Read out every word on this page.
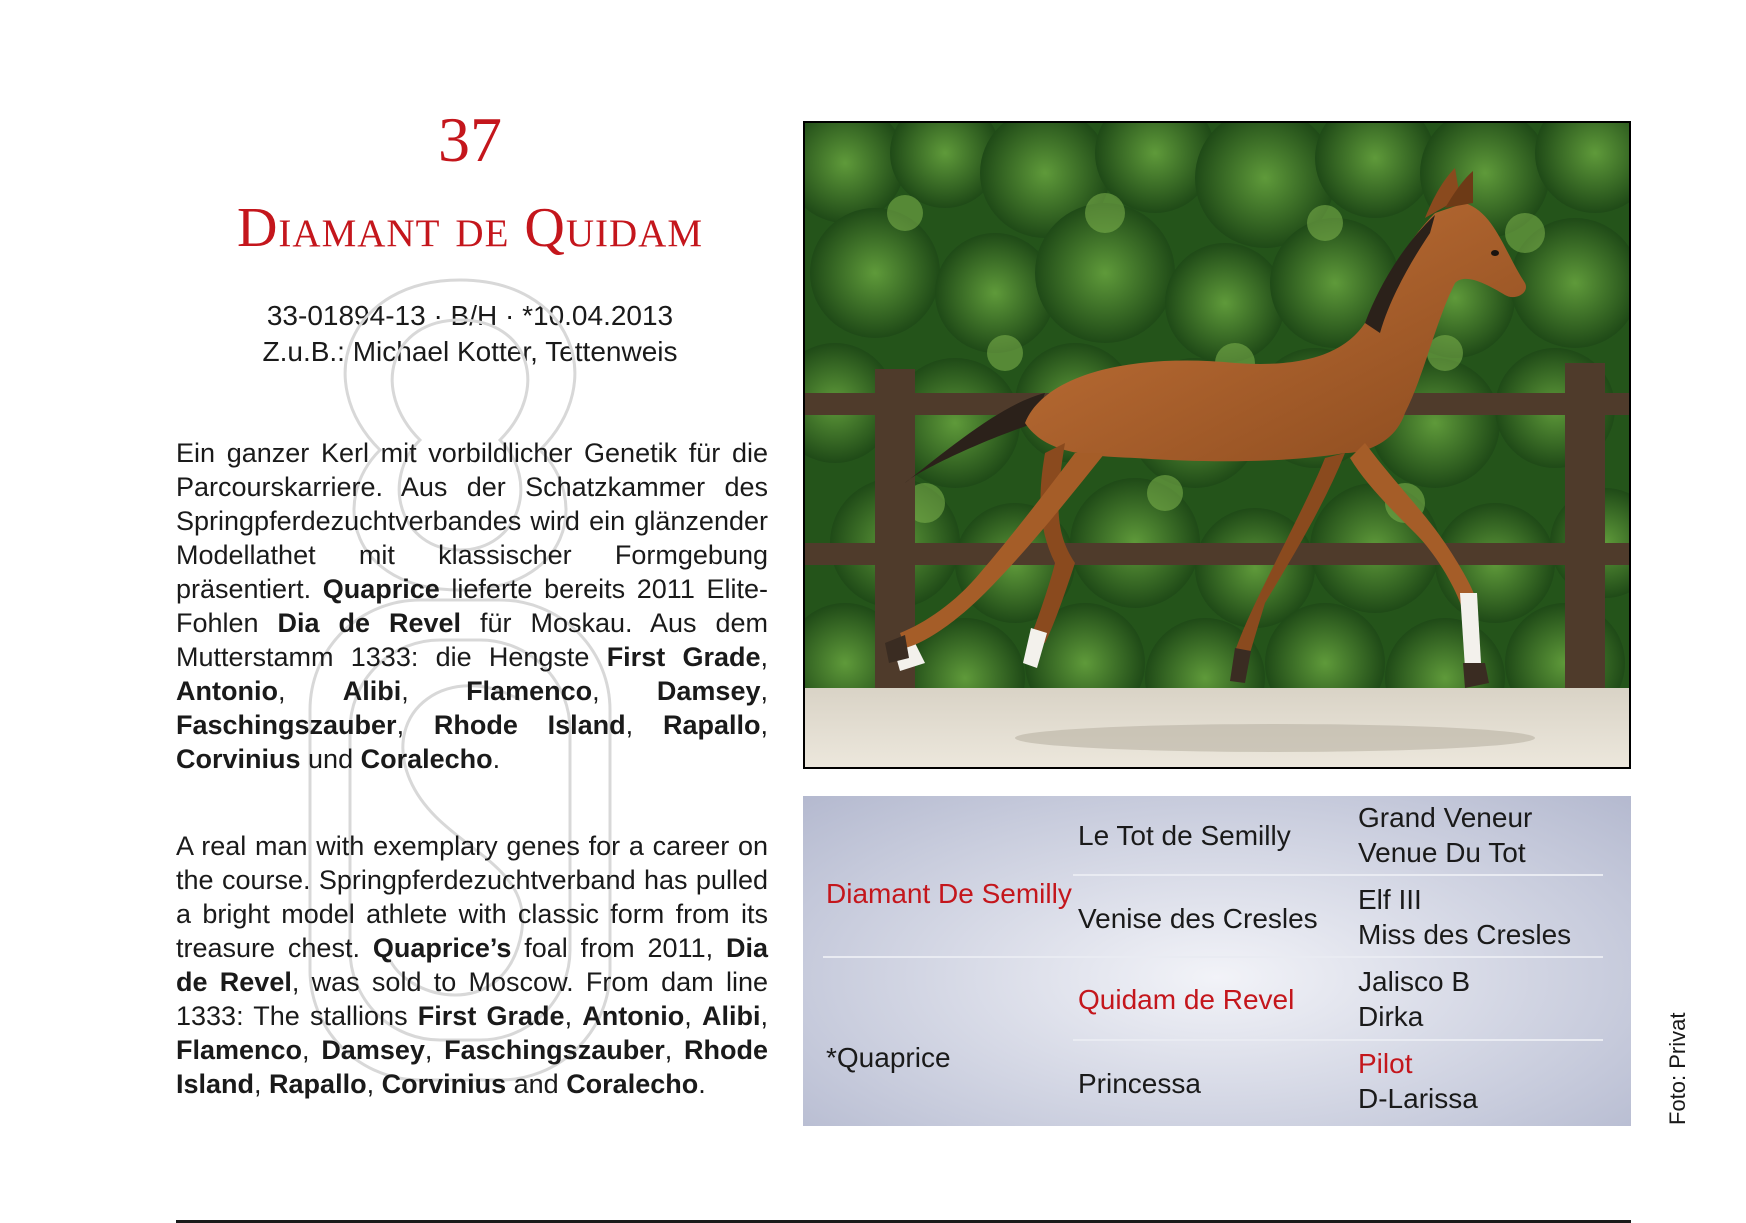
37
Diamant de Quidam
33-01894-13 · B/H · *10.04.2013
Z.u.B.: Michael Kotter, Tettenweis

Ein ganzer Kerl mit vorbildlicher Genetik für die Parcourskarriere. Aus der Schatzkammer des Springpferdezuchtverbandes wird ein glänzender Modellathet mit klassischer Formgebung präsentiert. Quaprice lieferte bereits 2011 Elite-Fohlen Dia de Revel für Moskau. Aus dem Mutterstamm 1333: die Hengste First Grade, Antonio, Alibi, Flamenco, Damsey, Faschingszauber, Rhode Island, Rapallo, Corvinius und Coralecho.

A real man with exemplary genes for a career on the course. Springpferdezuchtverband has pulled a bright model athlete with classic form from its treasure chest. Quaprice’s foal from 2011, Dia de Revel, was sold to Moscow. From dam line 1333: The stallions First Grade, Antonio, Alibi, Flamenco, Damsey, Faschingszauber, Rhode Island, Rapallo, Corvinius and Coralecho.

Diamant De Semilly
*Quaprice
Le Tot de Semilly
Venise des Cresles
Quidam de Revel
Princessa
Grand Veneur
Venue Du Tot
Elf III
Miss des Cresles
Jalisco B
Dirka
Pilot
D-Larissa	Foto: Privat
